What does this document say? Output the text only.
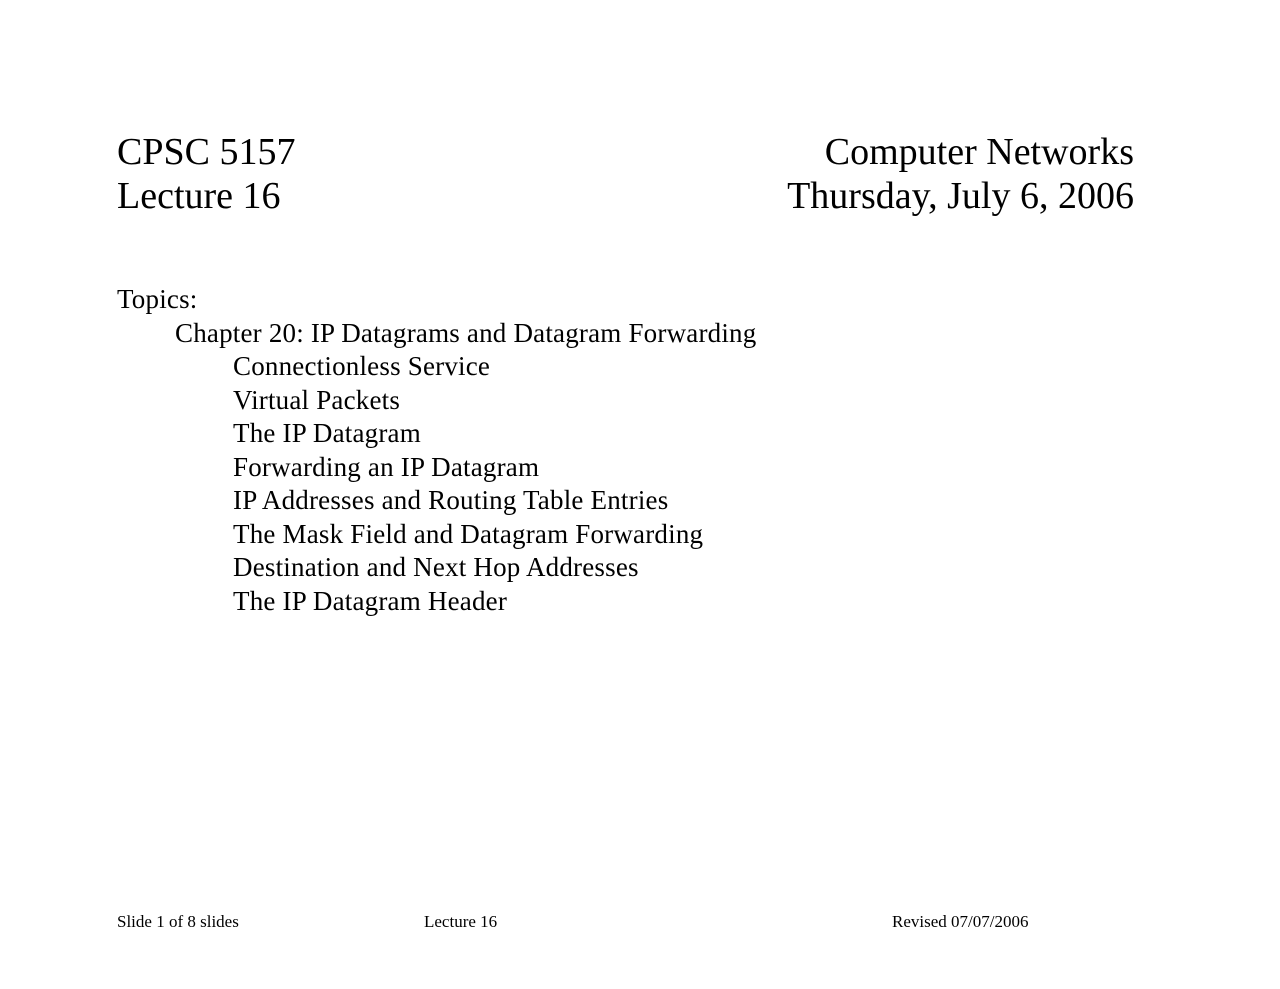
CPSC 5157
Lecture 16
Computer Networks
Thursday, July 6, 2006
Topics:
Chapter 20: IP Datagrams and Datagram Forwarding
Connectionless Service
Virtual Packets
The IP Datagram
Forwarding an IP Datagram
IP Addresses and Routing Table Entries
The Mask Field and Datagram Forwarding
Destination and Next Hop Addresses
The IP Datagram Header
Slide 1 of 8 slides	Lecture 16	Revised 07/07/2006
